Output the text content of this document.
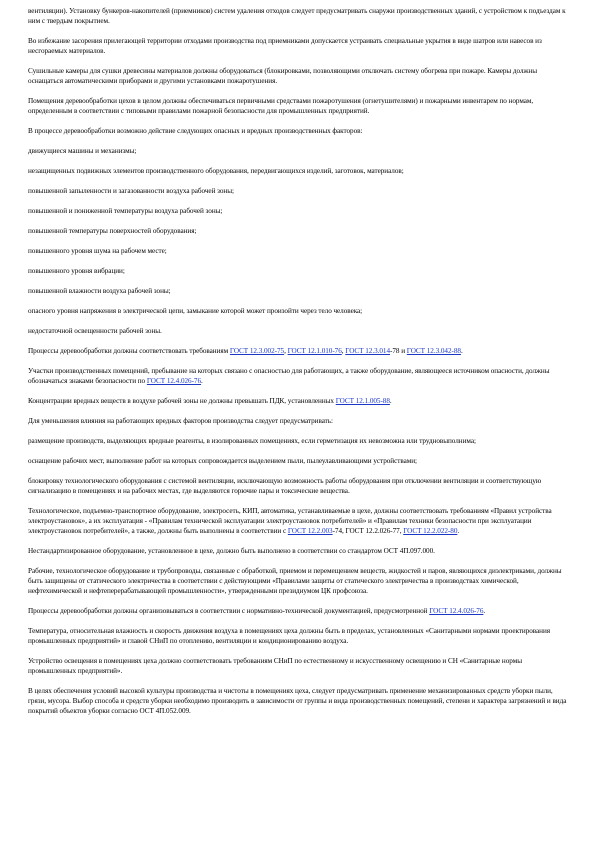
вентиляции). Установку бункеров-накопителей (приемников) систем удаления отходов следует предусматривать снаружи производственных зданий, с устройством к подъездам к ним с твердым покрытием.

Во избежание засорения прилегающей территории отходами производства под приемниками допускается устраивать специальные укрытия в виде шатров или навесов из несгораемых материалов.

Сушильные камеры для сушки древесины материалов должны оборудоваться (блокировками, позволяющими отключать систему обогрева при пожаре. Камеры должны оснащаться автоматическими приборами и другими установками пожаротушения.

Помещения деревообработки цехов в целом должны обеспечиваться первичными средствами пожаротушения (огнетушителями) и пожарными инвентарем по нормам, определенным в соответствии с типовыми правилами пожарной безопасности для промышленных предприятий.

В процессе деревообработки возможно действие следующих опасных и вредных производственных факторов:

движущиеся машины и механизмы;

незащищенных подвижных элементов производственного оборудования, передвигающихся изделий, заготовок, материалов;

повышенной запыленности и загазованности воздуха рабочей зоны;

повышенной и пониженной температуры воздуха рабочей зоны;

повышенной температуры поверхностей оборудования;

повышенного уровня шума на рабочем месте;

повышенного уровня вибрации;

повышенной влажности воздуха рабочей зоны;

опасного уровня напряжения в электрической цепи, замыкание которой может произойти через тело человека;

недостаточной освещенности рабочей зоны.

Процессы деревообработки должны соответствовать требованиям ГОСТ 12.3.002-75, ГОСТ 12.1.010-76, ГОСТ 12.3.014-78 и ГОСТ 12.3.042-88.

Участки производственных помещений, пребывание на которых связано с опасностью для работающих, а также оборудование, являющееся источником опасности, должны обозначаться знаками безопасности по ГОСТ 12.4.026-76.

Концентрации вредных веществ в воздухе рабочей зоны не должны превышать ПДК, установленных ГОСТ 12.1.005-88.

Для уменьшения влияния на работающих вредных факторов производства следует предусматривать:

размещение производств, выделяющих вредные реагенты, в изолированных помещениях, если герметизация их невозможна или трудновыполнима;

оснащение рабочих мест, выполнение работ на которых сопровождается выделением пыли, пылеулавливающими устройствами;

блокировку технологического оборудования с системой вентиляции, исключающую возможность работы оборудования при отключении вентиляции и соответствующую сигнализацию в помещениях и на рабочих местах, где выделяются горючие пары и токсические вещества.

Технологическое, подъемно-транспортное оборудование, электросеть, КИП, автоматика, устанавливаемые в цехе, должны соответствовать требованиям «Правил устройства электроустановок», а их эксплуатация - «Правилам технической эксплуатации электроустановок потребителей» и «Правилам техники безопасности при эксплуатации электроустановок потребителей», а также, должны быть выполнены в соответствии с ГОСТ 12.2.003-74, ГОСТ 12.2.026-77, ГОСТ 12.2.022-80.

Нестандартизированное оборудование, установленное в цехе, должно быть выполнено в соответствии со стандартом ОСТ 4П.097.000.

Рабочие, технологическое оборудование и трубопроводы, связанные с обработкой, приемом и перемещением веществ, жидкостей и паров, являющихся диэлектриками, должны быть защищены от статического электричества в соответствии с действующими «Правилами защиты от статического электричества в производствах химической, нефтехимической и нефтеперерабатывающей промышленности», утвержденными президиумом ЦК профсоюза.

Процессы деревообработки должны организовываться в соответствии с нормативно-технической документацией, предусмотренной ГОСТ 12.4.026-76.

Температура, относительная влажность и скорость движения воздуха в помещениях цеха должны быть в пределах, установленных «Санитарными нормами проектирования промышленных предприятий» и главой СНиП по отоплению, вентиляции и кондиционированию воздуха.

Устройство освещения в помещениях цеха должно соответствовать требованиям СНиП по естественному и искусственному освещению и СН «Санитарные нормы промышленных предприятий».

В целях обеспечения условий высокой культуры производства и чистоты в помещениях цеха, следует предусматривать применение механизированных средств уборки пыли, грязи, мусора. Выбор способа и средств уборки необходимо производить в зависимости от группы и вида производственных помещений, степени и характера загрязнений и вида покрытий объектов уборки согласно ОСТ 4П.052.009.
